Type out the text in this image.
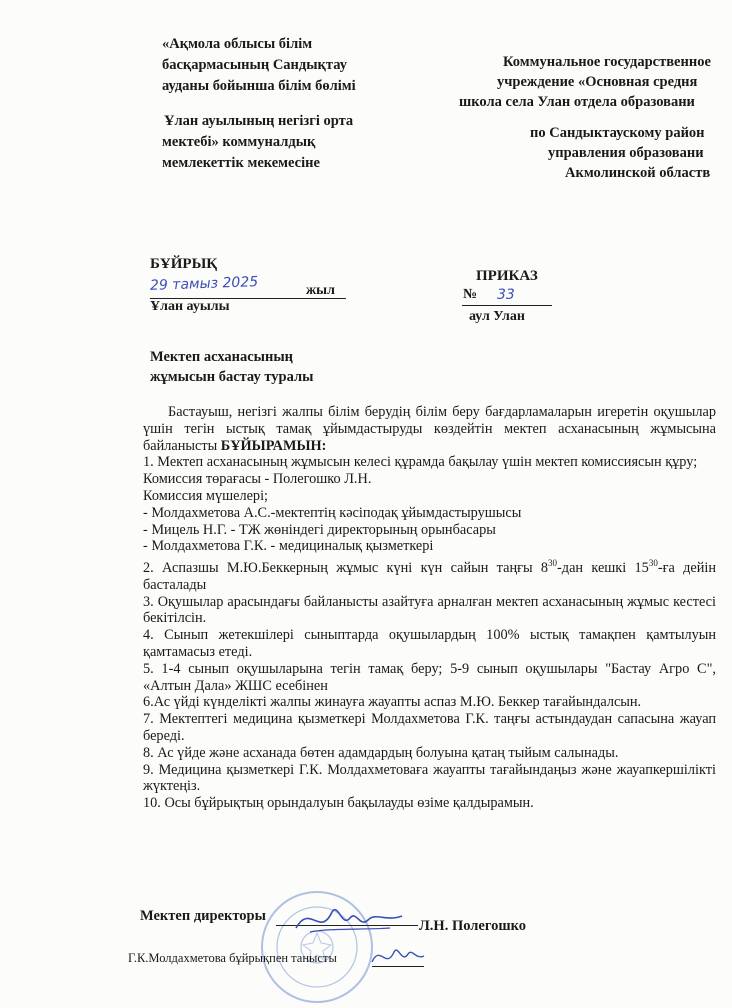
«Ақмола облысы білім
басқармасының Сандықтау
ауданы бойынша білім бөлімі
Ұлан ауылының негізгі орта
мектебі» коммуналдық
мемлекеттік мекемесіне
Коммунальное государственное
учреждение «Основная средня
школа села Улан отдела образовани
по Сандыктаускому район
управления образовани
Акмолинской областв
БҰЙРЫҚ
29 тамыз 2025	жыл
Ұлан ауылы
ПРИКАЗ
№ 33
аул Улан
Мектеп асханасының
жұмысын бастау туралы

Бастауыш, негізгі жалпы білім берудің білім беру бағдарламаларын игеретін оқушылар үшін тегін ыстық тамақ ұйымдастыруды көздейтін мектеп асханасының жұмысына байланысты БҰЙЫРАМЫН:

1. Мектеп асханасының жұмысын келесі құрамда бақылау үшін мектеп комиссиясын құру;

Комиссия төрағасы - Полегошко Л.Н.

Комиссия мүшелері;

- Молдахметова А.С.-мектептің кәсіподақ ұйымдастырушысы

- Мицель Н.Г. - ТЖ жөніндегі директорының орынбасары

- Молдахметова Г.К. - медициналық қызметкері

2. Аспазшы М.Ю.Беккерның жұмыс күні күн сайын таңғы $8^{30}$-дан кешкі $15^{30}-ға$ дейін басталады

3. Оқушылар арасындағы байланысты азайтуға арналған мектеп асханасының жұмыс кестесі бекітілсін.

4. Сынып жетекшілері сыныптарда оқушылардың 100% ыстық тамақпен қамтылуын қамтамасыз етеді.

5. 1-4 сынып оқушыларына тегін тамақ беру; 5-9 сынып оқушылары "Бастау Агро С", «Алтын Дала» ЖШС есебінен

6.Ас үйді күнделікті жалпы жинауға жауапты аспаз М.Ю. Беккер тағайындалсын.

7. Мектептегі медицина қызметкері Молдахметова Г.К. таңғы астындаудан сапасына жауап береді.

8. Ас үйде және асханада бөтен адамдардың болуына қатаң тыйым салынады.

9. Медицина қызметкері Г.К. Молдахметоваға жауапты тағайындаңыз және жауапкершілікті жүктеңіз.

10. Осы бұйрықтың орындалуын бақылауды өзіме қалдырамын.

Мектеп директоры
Л.Н. Полегошко
Г.К.Молдахметова бұйрықпен танысты
